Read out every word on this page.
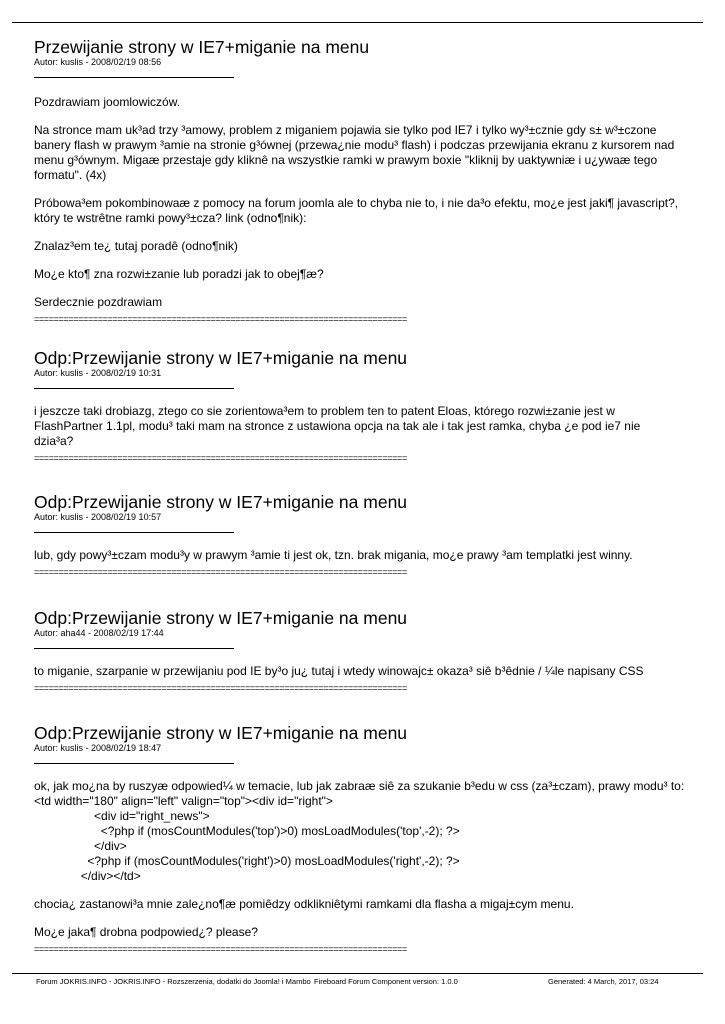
Przewijanie strony w IE7+miganie na menu
Autor: kuslis - 2008/02/19 08:56

Pozdrawiam joomlowiczów.

Na stronce mam uk³ad trzy ³amowy, problem z miganiem pojawia sie tylko pod IE7 i tylko wy³±cznie gdy s± w³±czone
banery flash w prawym ³amie na stronie g³ównej (przewa¿nie modu³ flash) i podczas przewijania ekranu z kursorem nad
menu g³ównym. Migaæ przestaje gdy kliknê na wszystkie ramki w prawym boxie "kliknij by uaktywniæ i u¿ywaæ tego
formatu". (4x)

Próbowa³em pokombinowaæ z pomocy na forum joomla ale to chyba nie to, i nie da³o efektu, mo¿e jest jaki¶ javascript?,
który te wstrêtne ramki powy³±cza? link (odno¶nik):

Znalaz³em te¿ tutaj poradê (odno¶nik)

Mo¿e kto¶ zna rozwi±zanie lub poradzi jak to obej¶æ?

Serdecznie pozdrawiam

============================================================================

Odp:Przewijanie strony w IE7+miganie na menu
Autor: kuslis - 2008/02/19 10:31

i jeszcze taki drobiazg, ztego co sie zorientowa³em to problem ten to patent Eloas, którego rozwi±zanie jest w
FlashPartner 1.1pl, modu³ taki mam na stronce z ustawiona opcja na tak ale i tak jest ramka, chyba ¿e pod ie7 nie
dzia³a?

============================================================================

Odp:Przewijanie strony w IE7+miganie na menu
Autor: kuslis - 2008/02/19 10:57

lub, gdy powy³±czam modu³y w prawym ³amie ti jest ok, tzn. brak migania, mo¿e prawy ³am templatki jest winny.

============================================================================

Odp:Przewijanie strony w IE7+miganie na menu
Autor: aha44 - 2008/02/19 17:44

to miganie, szarpanie w przewijaniu pod IE by³o ju¿ tutaj i wtedy winowajc± okaza³ siê b³êdnie / ¼le napisany CSS

============================================================================

Odp:Przewijanie strony w IE7+miganie na menu
Autor: kuslis - 2008/02/19 18:47

ok, jak mo¿na by ruszyæ odpowied¼ w temacie, lub jak zabraæ siê za szukanie b³edu w css (za³±czam), prawy modu³ to:
<td width="180" align="left" valign="top"><div id="right">
<div id="right_news">
<?php if (mosCountModules('top')>0) mosLoadModules('top',-2); ?>
</div>
<?php if (mosCountModules('right')>0) mosLoadModules('right',-2); ?>
</div></td>

chocia¿ zastanowi³a mnie zale¿no¶æ pomiêdzy odklikniêtymi ramkami dla flasha a migaj±cym menu.

Mo¿e jaka¶ drobna podpowied¿? please?

============================================================================

Forum JOKRIS.INFO - JOKRIS.INFO - Rozszerzenia, dodatki do Joomla! i Mambo Fireboard Forum Component version: 1.0.0	Generated: 4 March, 2017, 03:24
